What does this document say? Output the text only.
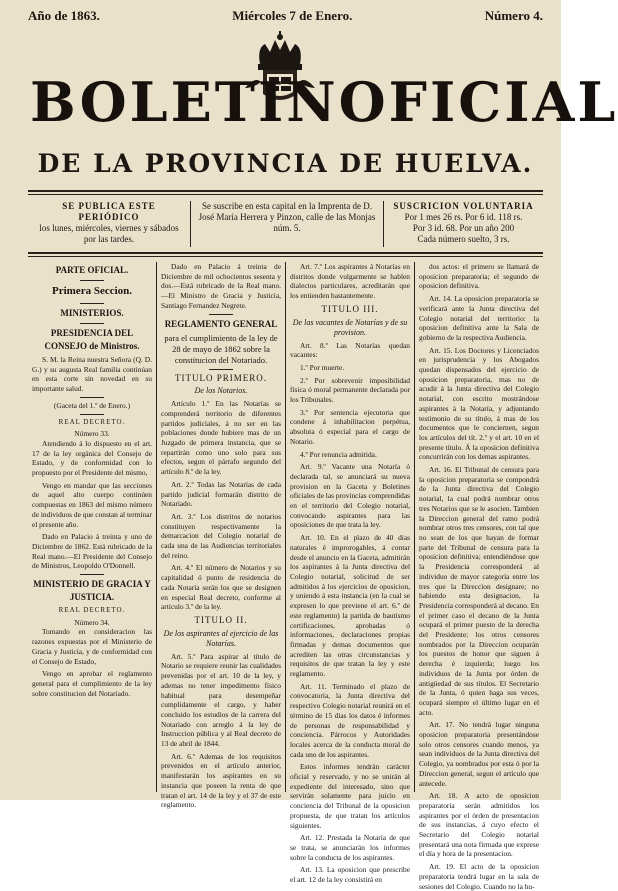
Año de 1863.	Miércoles 7 de Enero.	Número 4.
BOLETIN OFICIAL
DE LA PROVINCIA DE HUELVA.
SE PUBLICA ESTE PERIÓDICO
los lunes, miércoles, viernes y sábados por las tardes.
Se suscribe en esta capital en la Imprenta de D. José María Herrera y Pinzon, calle de las Monjas núm. 5.
SUSCRICION VOLUNTARIA
Por 1 mes 26 rs. Por 6 id. 118 rs.
Por 3 id. 68. Por un año 200
Cada número suelto, 3 rs.
PARTE OFICIAL.
Primera Seccion.
MINISTERIOS.
PRESIDENCIA DEL CONSEJO de Ministros.

S. M. la Reina nuestra Señora (Q. D. G.) y su augusta Real familia continúan en esta corte sin novedad en su importante salud.

(Gaceta del 1.º de Enero.)
REAL DECRETO.
Número 33.

Atendiendo á lo dispuesto en el art. 17 de la ley orgánica del Consejo de Estado, y de conformidad con lo propuesto por el Presidente del mismo,

Vengo en mandar que las secciones de aquel alto cuerpo continúen compuestas en 1863 del mismo número de individuos de que constan al terminar el presente año.

Dado en Palacio á treinta y uno de Diciembre de 1862. Está rubricado de la Real mano.—El Presidente del Consejo de Ministros, Leopoldo O'Donnell.

MINISTERIO DE GRACIA Y JUSTICIA.
REAL DECRETO.
Número 34.

Tomando en consideracion las razones expuestas por el Ministerio de Gracia y Justicia, y de conformidad con el Consejo de Estado,

Vengo en aprobar el reglamento general para el cumplimiento de la ley sobre constitucion del Notariado.

Dado en Palacio á treinta de Diciembre de mil ochocientos sesenta y dos.—Está rubricado de la Real mano.—El Ministro de Gracia y Justicia, Santiago Fernandez Negrete.

REGLAMENTO GENERAL
para el cumplimiento de la ley de 28 de mayo de 1862 sobre la constitucion del Notariado.
TITULO PRIMERO.
De los Notarios.

Artículo 1.º En las Notarías se comprenderá territorio de diferentes partidos judiciales, á no ser en las poblaciones donde hubiere mas de un Juzgado de primera instancia, que se repartirán como uno solo para sus efectos, segun el párrafo segundo del artículo 8.º de la ley.

Art. 2.º Todas las Notarías de cada partido judicial formarán distrito de Notariado.

Art. 3.º Los distritos de notarios constituyen respectivamente la demarcacion del Colegio notarial de cada una de las Audiencias territoriales del reino.

Art. 4.º El número de Notarios y su capitalidad ó punto de residencia de cada Notaría serán los que se designen en especial Real decreto, conforme al artículo 3.º de la ley.

TITULO II.
De los aspirantes al ejercicio de las Notarías.

Art. 5.º Para aspirar al título de Notario se requiere reunir las cualidades prevenidas por el art. 10 de la ley, y ademas no tener impedimento físico habitual para desempeñar cumplidamente el cargo, y haber concluido los estudios de la carrera del Notariado con arreglo á la ley de Instruccion pública y al Real decreto de 13 de abril de 1844.

Art. 6.º Ademas de los requisitos prevenidos en el artículo anterior, manifestarán los aspirantes en su instancia que poseen la renta de que tratan el art. 14 de la ley y el 37 de este reglamento.

Art. 7.º Los aspirantes á Notarías en distritos donde vulgarmente se hablen dialectos particulares, acreditarán que los entienden bastantemente.

TITULO III.
De las vacantes de Notarías y de su provision.

Art. 8.º Las Notarías quedan vacantes:

1.º Por muerte.

2.º Por sobrevenir imposibilidad física ó moral permanente declarada por los Tribunales.

3.º Por sentencia ejecutoria que condene á inhabilitacion perpétua, absoluta ó especial para el cargo de Notario.

4.º Por renuncia admitida.

Art. 9.º Vacante una Notaría ó declarada tal, se anunciará su nueva provision en la Gaceta y Boletines oficiales de las provincias comprendidas en el territorio del Colegio notarial, convocando aspirantes para las oposiciones de que trata la ley.

Art. 10. En el plazo de 40 dias naturales é improrogables, á contar desde el anuncio en la Gaceta, admitirán los aspirantes á la Junta directiva del Colegio notarial, solicitud de ser admitidos á los ejercicios de oposicion, y uniendo á esta instancia (en la cual se expresen lo que previene el art. 6.º de este reglamento) la partida de bautismo certificaciones, aprobadas ó informaciones, declaraciones propias firmadas y demas documentos que acrediten las otras circunstancias y requisitos de que tratan la ley y este reglamento.

Art. 11. Terminado el plazo de convocatoria, la Junta directiva del respectivo Colegio notarial reunirá en el término de 15 dias los datos é informes de personas de responsabilidad y conciencia. Párrocos y Autoridades locales acerca de la conducta moral de cada uno de los aspirantes.

Estos informes tendrán carácter oficial y reservado, y no se unirán al expediente del interesado, sino que servirán solamente para juicio en conciencia del Tribunal de la oposicion propuesta, de que tratan los artículos siguientes.

Art. 12. Prestada la Notaría de que se trata, se anunciarán los informes sobre la conducta de los aspirantes.

Art. 13. La oposicion que prescribe el art. 12 de la ley consistirá en

dos actos: el primero se llamará de oposicion preparatoria; el segundo de oposicion definitiva.

Art. 14. La oposicion preparatoria se verificará ante la Junta directiva del Colegio notarial del territorio: la oposicion definitiva ante la Sala de gobierno de la respectiva Audiencia.

Art. 15. Los Doctores y Licenciados en jurisprudencia y los Abogados quedan dispensados del ejercicio de oposicion preparatoria, mas no de acudir á la Junta directiva del Colegio notarial, con escrito mostrándose aspirantes á la Notaría, y adjuntando testimonio de su título, á mas de los documentos que le conciernen, segun los artículos del tít. 2.º y el art. 10 en el presente título. Á la oposicion definitiva concurrirán con los demas aspirantes.

Art. 16. El Tribunal de censura para la oposicion preparatoria se compondrá de la Junta directiva del Colegio notarial, la cual podrá nombrar otros tres Notarios que se le asocien. Tambien la Direccion general del ramo podrá nombrar otros tres censores, con tal que no sean de los que hayan de formar parte del Tribunal de censura para la oposicion definitiva; entendiéndose que la Presidencia corresponderá al individuo de mayor categoría entre los tres que la Direccion designare; no habiendo esta designacion, la Presidencia corresponderá al decano. En el primer caso el decano de la Junta ocupará el primer puesto de la derecha del Presidente; los otros censores nombrados por la Direccion ocuparán los puestos de honor que siguen á derecha é izquierda; luego los individuos de la Junta por órden de antigüedad de sus títulos. El Secretario de la Junta, ó quien haga sus veces, ocupará siempre el último lugar en el acto.

Art. 17. No tendrá lugar ninguna oposicion preparatoria presentándose solo otros censores cuando menos, ya sean individuos de la Junta directiva del Colegio, ya nombrados por esta ó por la Direccion general, segun el artículo que antecede.

Art. 18. A acto de oposicion preparatoria serán admitidos los aspirantes por el órden de presentacion de sus instancias, á cuyo efecto el Secretario del Colegio notarial presentará una nota firmada que exprese el día y hora de la presentacion.

Art. 19. El acto de la oposicion preparatoria tendrá lugar en la sala de sesiones del Colegio. Cuando no la hu-
